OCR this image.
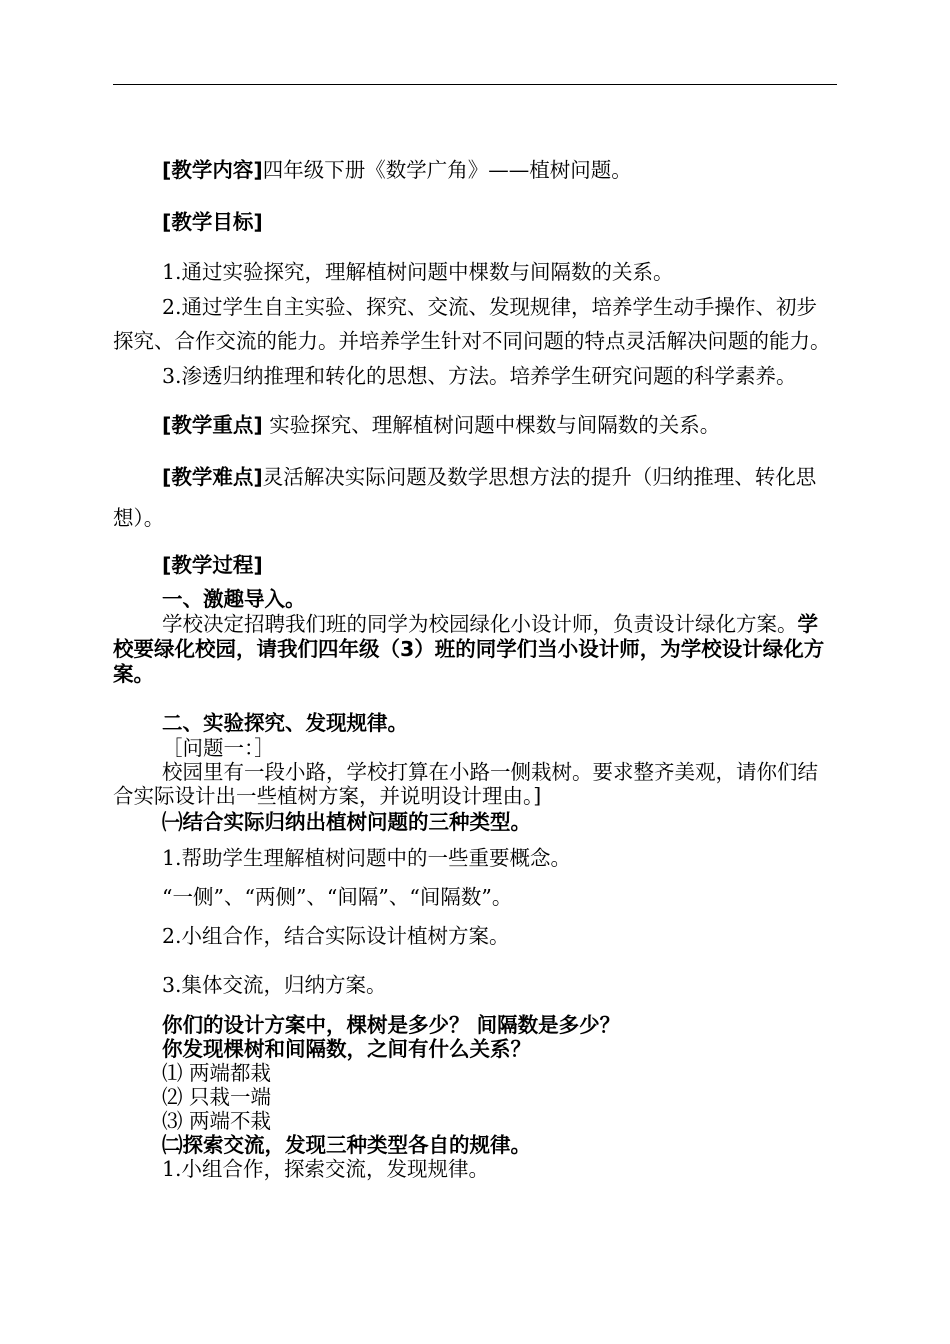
[教学内容]四年级下册《数学广角》——植树问题。

[教学目标]

1.通过实验探究，理解植树问题中棵数与间隔数的关系。

2.通过学生自主实验、探究、交流、发现规律，培养学生动手操作、初步探究、合作交流的能力。并培养学生针对不同问题的特点灵活解决问题的能力。

3.渗透归纳推理和转化的思想、方法。培养学生研究问题的科学素养。

[教学重点] 实验探究、理解植树问题中棵数与间隔数的关系。

[教学难点]灵活解决实际问题及数学思想方法的提升（归纳推理、转化思想）。

[教学过程]

一、激趣导入。

学校决定招聘我们班的同学为校园绿化小设计师，负责设计绿化方案。学校要绿化校园，请我们四年级（3）班的同学们当小设计师，为学校设计绿化方案。

二、实验探究、发现规律。

［问题一：］

校园里有一段小路，学校打算在小路一侧栽树。要求整齐美观，请你们结合实际设计出一些植树方案，并说明设计理由。]

㈠结合实际归纳出植树问题的三种类型。

1.帮助学生理解植树问题中的一些重要概念。

“一侧”、“两侧”、“间隔”、“间隔数”。

2.小组合作，结合实际设计植树方案。

3.集体交流，归纳方案。

你们的设计方案中，棵树是多少？ 间隔数是多少？

你发现棵树和间隔数，之间有什么关系？

⑴ 两端都栽

⑵ 只栽一端

⑶ 两端不栽

㈡探索交流，发现三种类型各自的规律。

1.小组合作，探索交流，发现规律。
